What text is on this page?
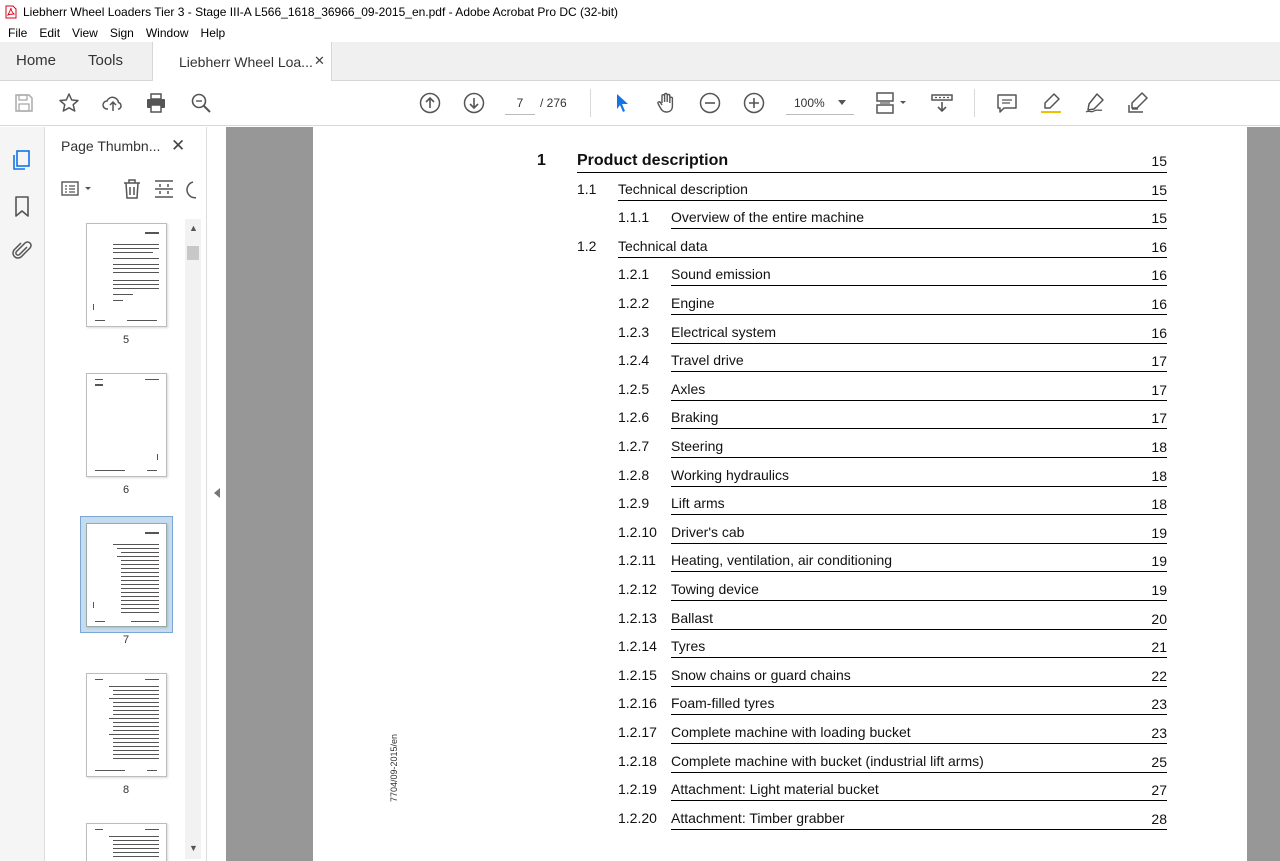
Liebherr Wheel Loaders Tier 3 - Stage III-A L566_1618_36966_09-2015_en.pdf - Adobe Acrobat Pro DC (32-bit)
File	Edit	View	Sign	Window	Help
Home Tools	Liebherr Wheel Loa... ✕
7
/ 276	100%
Page Thumbn... ✕
5
6
7
8
▲
▼
7704/09-2015/en
1 Product description	15
1.1 Technical description	15
1.1.1 Overview of the entire machine	15
1.2 Technical data	16
1.2.1 Sound emission	16
1.2.2 Engine	16
1.2.3 Electrical system	16
1.2.4 Travel drive	17
1.2.5 Axles	17
1.2.6 Braking	17
1.2.7 Steering	18
1.2.8 Working hydraulics	18
1.2.9 Lift arms	18
1.2.10 Driver's cab	19
1.2.11 Heating, ventilation, air conditioning	19
1.2.12 Towing device	19
1.2.13 Ballast	20
1.2.14 Tyres	21
1.2.15 Snow chains or guard chains	22
1.2.16 Foam-filled tyres	23
1.2.17 Complete machine with loading bucket	23
1.2.18 Complete machine with bucket (industrial lift arms)	25
1.2.19 Attachment: Light material bucket	27
1.2.20 Attachment: Timber grabber	28
